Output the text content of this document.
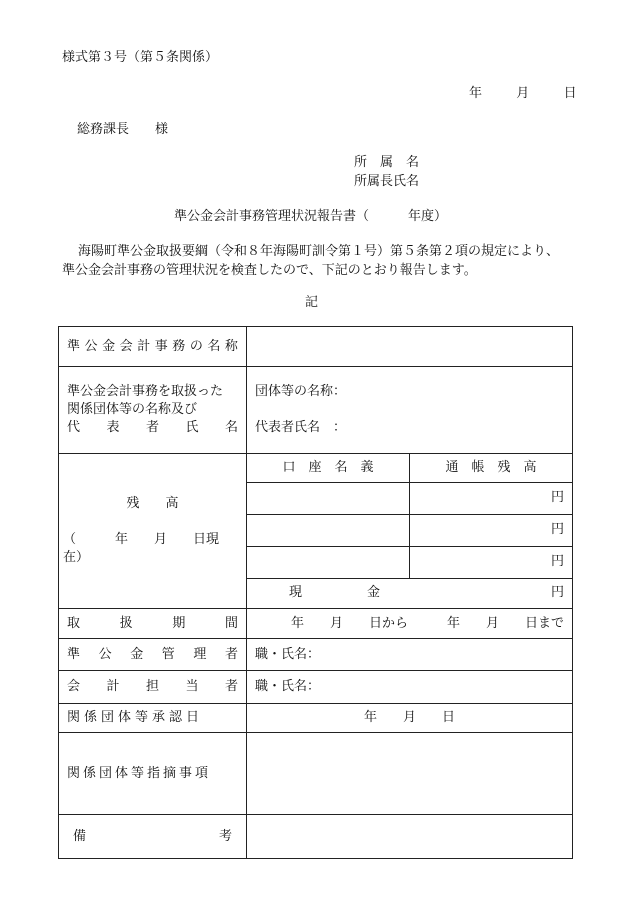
様式第３号（第５条関係）
年	月	日
総務課長　　様
所　属　名
所属長氏名
準公金会計事務管理状況報告書（　　　年度）
海陽町準公金取扱要綱（令和８年海陽町訓令第１号）第５条第２項の規定により、
準公金会計事務の管理状況を検査したので、下記のとおり報告します。
記
準 公 金 会 計 事 務 の 名 称

準公金会計事務を取扱った
関係団体等の名称及び
代 表 者 氏 名

団体等の名称：
代表者氏名　：

残　　高
（　　　年　　月　　日現在）

口　座　名　義	通　帳　残　高
	円
	円
	円

現　　　　　金	円

取	扱	期	間	年　　月　　日から　　　年　　月　　日まで

準 公 金 管 理 者	職・氏名：

会 計 担 当 者	職・氏名：

関係団体等承認日	年　　月　　日

関係団体等指摘事項

備	考
